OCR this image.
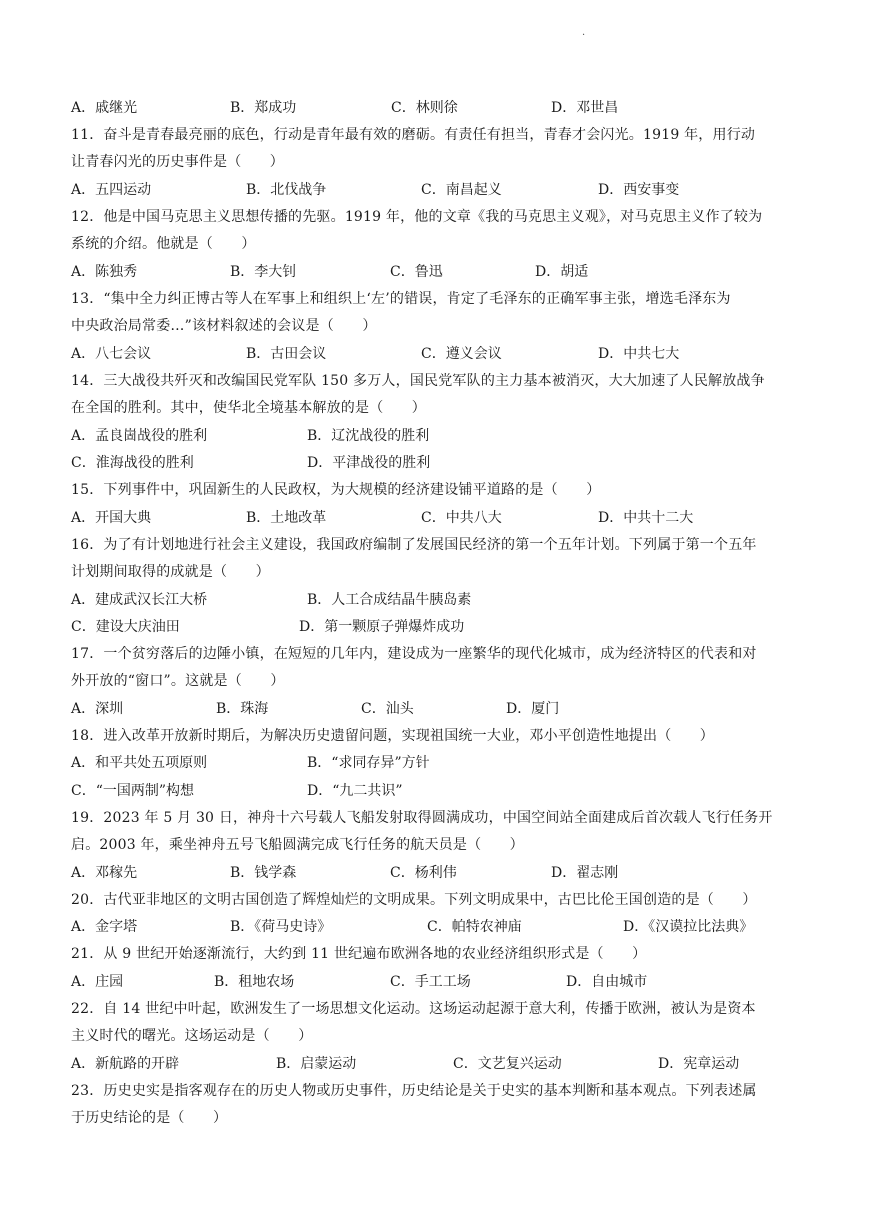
·
A．戚继光	B．郑成功	C．林则徐	D．邓世昌
11．奋斗是青春最亮丽的底色，行动是青年最有效的磨砺。有责任有担当，青春才会闪光。1919 年，用行动
让青春闪光的历史事件是（　　）
A．五四运动	B．北伐战争	C．南昌起义	D．西安事变
12．他是中国马克思主义思想传播的先驱。1919 年，他的文章《我的马克思主义观》，对马克思主义作了较为
系统的介绍。他就是（　　）
A．陈独秀	B．李大钊	C．鲁迅	D．胡适
13．“集中全力纠正博古等人在军事上和组织上‘左’的错误，肯定了毛泽东的正确军事主张，增选毛泽东为
中央政治局常委…”该材料叙述的会议是（　　）
A．八七会议	B．古田会议	C．遵义会议	D．中共七大
14．三大战役共歼灭和改编国民党军队 150 多万人，国民党军队的主力基本被消灭，大大加速了人民解放战争
在全国的胜利。其中，使华北全境基本解放的是（　　）
A．孟良崮战役的胜利	B．辽沈战役的胜利
C．淮海战役的胜利	D．平津战役的胜利
15．下列事件中，巩固新生的人民政权，为大规模的经济建设铺平道路的是（　　）
A．开国大典	B．土地改革	C．中共八大	D．中共十二大
16．为了有计划地进行社会主义建设，我国政府编制了发展国民经济的第一个五年计划。下列属于第一个五年
计划期间取得的成就是（　　）
A．建成武汉长江大桥	B．人工合成结晶牛胰岛素
C．建设大庆油田	D．第一颗原子弹爆炸成功
17．一个贫穷落后的边陲小镇，在短短的几年内，建设成为一座繁华的现代化城市，成为经济特区的代表和对
外开放的“窗口”。这就是（　　）
A．深圳	B．珠海	C．汕头	D．厦门
18．进入改革开放新时期后，为解决历史遗留问题，实现祖国统一大业，邓小平创造性地提出（　　）
A．和平共处五项原则	B．“求同存异”方针
C．“一国两制”构想	D．“九二共识”
19．2023 年 5 月 30 日，神舟十六号载人飞船发射取得圆满成功，中国空间站全面建成后首次载人飞行任务开
启。2003 年，乘坐神舟五号飞船圆满完成飞行任务的航天员是（　　）
A．邓稼先	B．钱学森	C．杨利伟	D．翟志刚
20．古代亚非地区的文明古国创造了辉煌灿烂的文明成果。下列文明成果中，古巴比伦王国创造的是（　　）
A．金字塔	B．《荷马史诗》	C．帕特农神庙	D．《汉谟拉比法典》
21．从 9 世纪开始逐渐流行，大约到 11 世纪遍布欧洲各地的农业经济组织形式是（　　）
A．庄园	B．租地农场	C．手工工场	D．自由城市
22．自 14 世纪中叶起，欧洲发生了一场思想文化运动。这场运动起源于意大利，传播于欧洲，被认为是资本
主义时代的曙光。这场运动是（　　）
A．新航路的开辟	B．启蒙运动	C．文艺复兴运动	D．宪章运动
23．历史史实是指客观存在的历史人物或历史事件，历史结论是关于史实的基本判断和基本观点。下列表述属
于历史结论的是（　　）
